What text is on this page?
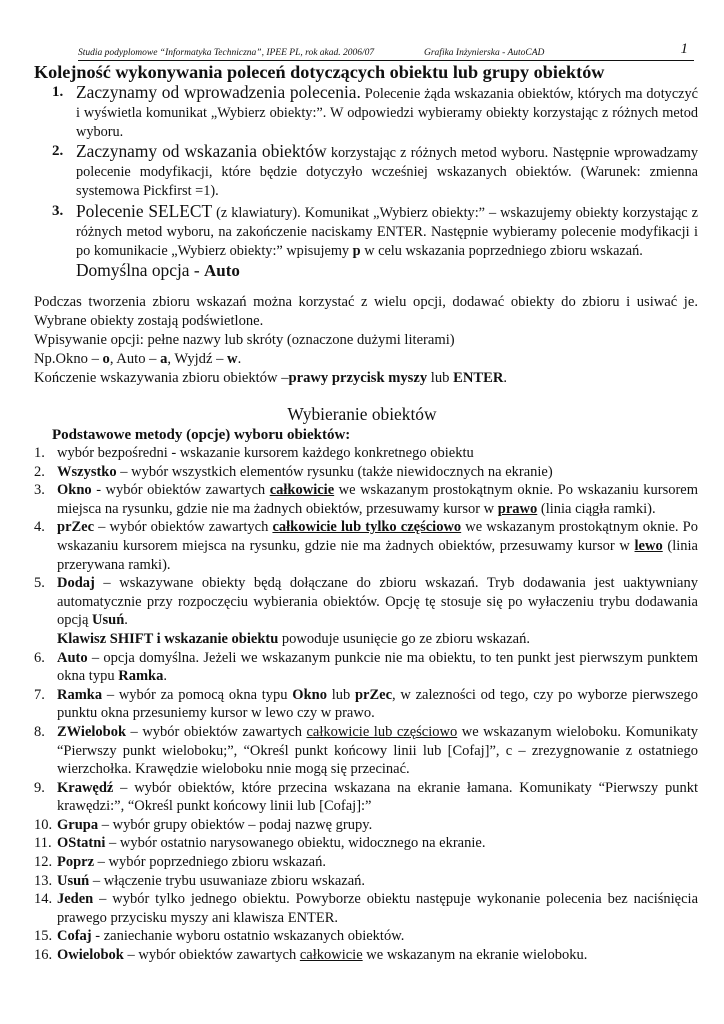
Studia podyplomowe “Informatyka Techniczna”, IPEE PL, rok akad. 2006/07	Grafika Inżynierska - AutoCAD	1
Kolejność wykonywania poleceń dotyczących obiektu lub grupy obiektów
1. Zaczynamy od wprowadzenia polecenia. Polecenie żąda wskazania obiektów, których ma dotyczyć i wyświetla komunikat „Wybierz obiekty:”. W odpowiedzi wybieramy obiekty korzystając z różnych metod wyboru.

2. Zaczynamy od wskazania obiektów korzystając z różnych metod wyboru. Następnie wprowadzamy polecenie modyfikacji, które będzie dotyczyło wcześniej wskazanych obiektów. (Warunek: zmienna systemowa Pickfirst =1).

3. Polecenie SELECT (z klawiatury). Komunikat „Wybierz obiekty:” – wskazujemy obiekty korzystając z różnych metod wyboru, na zakończenie naciskamy ENTER. Następnie wybieramy polecenie modyfikacji i po komunikacie „Wybierz obiekty:” wpisujemy p w celu wskazania poprzedniego zbioru wskazań.

Domyślna opcja - Auto

Podczas tworzenia zbioru wskazań można korzystać z wielu opcji, dodawać obiekty do zbioru i usiwać je. Wybrane obiekty zostają podświetlone.

Wpisywanie opcji: pełne nazwy lub skróty (oznaczone dużymi literami)

Np.Okno – o, Auto – a, Wyjdź – w.

Kończenie wskazywania zbioru obiektów –prawy przycisk myszy lub ENTER.

Wybieranie obiektów
Podstawowe metody (opcje) wyboru obiektów:
1. wybór bezpośredni - wskazanie kursorem każdego konkretnego obiektu

2. Wszystko – wybór wszystkich elementów rysunku (także niewidocznych na ekranie)

3. Okno - wybór obiektów zawartych całkowicie we wskazanym prostokątnym oknie. Po wskazaniu kursorem miejsca na rysunku, gdzie nie ma żadnych obiektów, przesuwamy kursor w prawo (linia ciągła ramki).

4. prZec – wybór obiektów zawartych całkowicie lub tylko częściowo we wskazanym prostokątnym oknie. Po wskazaniu kursorem miejsca na rysunku, gdzie nie ma żadnych obiektów, przesuwamy kursor w lewo (linia przerywana ramki).

5. Dodaj – wskazywane obiekty będą dołączane do zbioru wskazań. Tryb dodawania jest uaktywniany automatycznie przy rozpoczęciu wybierania obiektów. Opcję tę stosuje się po wyłaczeniu trybu dodawania opcją Usuń.

Klawisz SHIFT i wskazanie obiektu powoduje usunięcie go ze zbioru wskazań.

6. Auto – opcja domyślna. Jeżeli we wskazanym punkcie nie ma obiektu, to ten punkt jest pierwszym punktem okna typu Ramka.

7. Ramka – wybór za pomocą okna typu Okno lub prZec, w zalezności od tego, czy po wyborze pierwszego punktu okna przesuniemy kursor w lewo czy w prawo.

8. ZWielobok – wybór obiektów zawartych całkowicie lub częściowo we wskazanym wieloboku. Komunikaty “Pierwszy punkt wieloboku;”, “Określ punkt końcowy linii lub [Cofaj]”, c – zrezygnowanie z ostatniego wierzchołka. Krawędzie wieloboku nnie mogą się przecinać.

9. Krawędź – wybór obiektów, które przecina wskazana na ekranie łamana. Komunikaty “Pierwszy punkt krawędzi:”, “Określ punkt końcowy linii lub [Cofaj]:”

10. Grupa – wybór grupy obiektów – podaj nazwę grupy.

11. OStatni – wybór ostatnio narysowanego obiektu, widocznego na ekranie.

12. Poprz – wybór poprzedniego zbioru wskazań.

13. Usuń – włączenie trybu usuwaniaze zbioru wskazań.

14. Jeden – wybór tylko jednego obiektu. Powyborze obiektu następuje wykonanie polecenia bez naciśnięcia prawego przycisku myszy ani klawisza ENTER.

15. Cofaj - zaniechanie wyboru ostatnio wskazanych obiektów.

16. Owielobok – wybór obiektów zawartych całkowicie we wskazanym na ekranie wieloboku.
